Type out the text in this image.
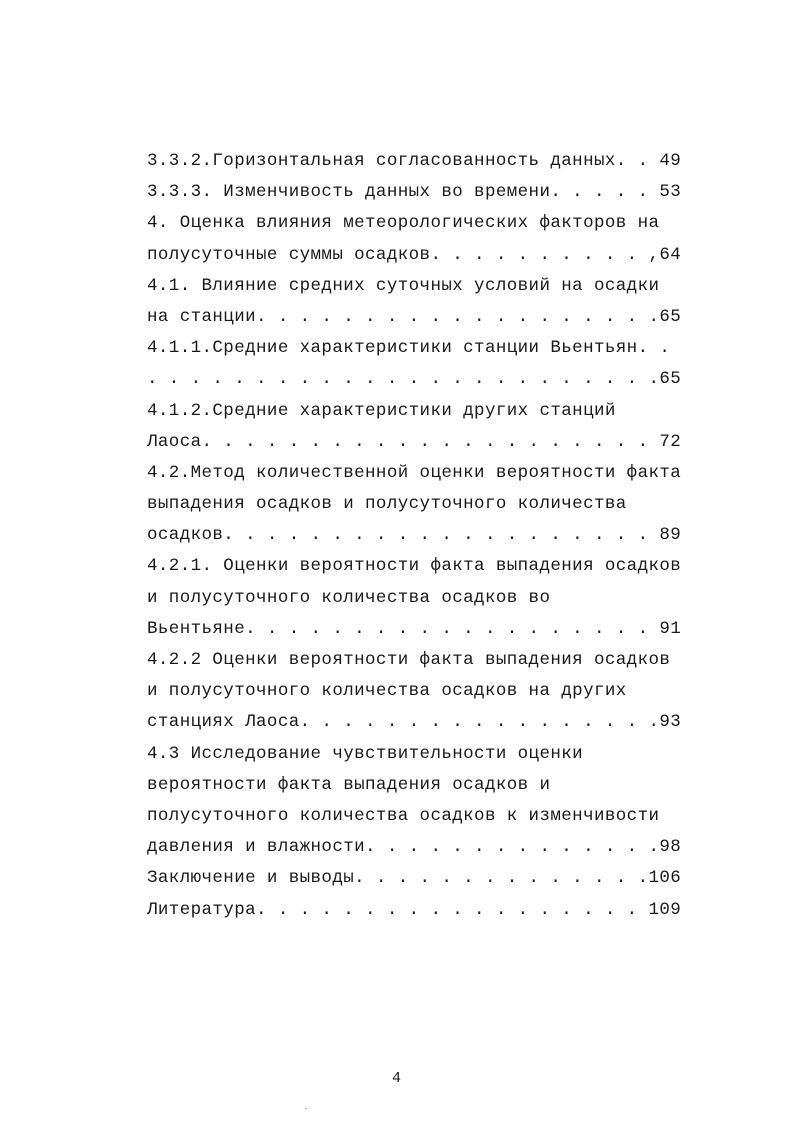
3.3.2.Горизонтальная согласованность данных. . 49
3.3.3. Изменчивость данных во времени. . . . . 53
4. Оценка влияния метеорологических факторов на
полусуточные суммы осадков. . . . . . . . . . ,64
4.1. Влияние средних суточных условий на осадки
на станции. . . . . . . . . . . . . . . . . . .65
4.1.1.Средние характеристики станции Вьентьян. .
. . . . . . . . . . . . . . . . . . . . . . . .65
4.1.2.Средние характеристики других станций
Лаоса. . . . . . . . . . . . . . . . . . . . . 72
4.2.Метод количественной оценки вероятности факта
выпадения осадков и полусуточного количества
осадков. . . . . . . . . . . . . . . . . . . . 89
4.2.1. Оценки вероятности факта выпадения осадков
и полусуточного количества осадков во
Вьентьяне. . . . . . . . . . . . . . . . . . . 91
4.2.2 Оценки вероятности факта выпадения осадков
и полусуточного количества осадков на других
станциях Лаоса. . . . . . . . . . . . . . . . .93
4.3 Исследование чувствительности оценки
вероятности факта выпадения осадков и
полусуточного количества осадков к изменчивости
давления и влажности. . . . . . . . . . . . . .98
Заключение и выводы. . . . . . . . . . . . . .106
Литература. . . . . . . . . . . . . . . . . . 109
4
